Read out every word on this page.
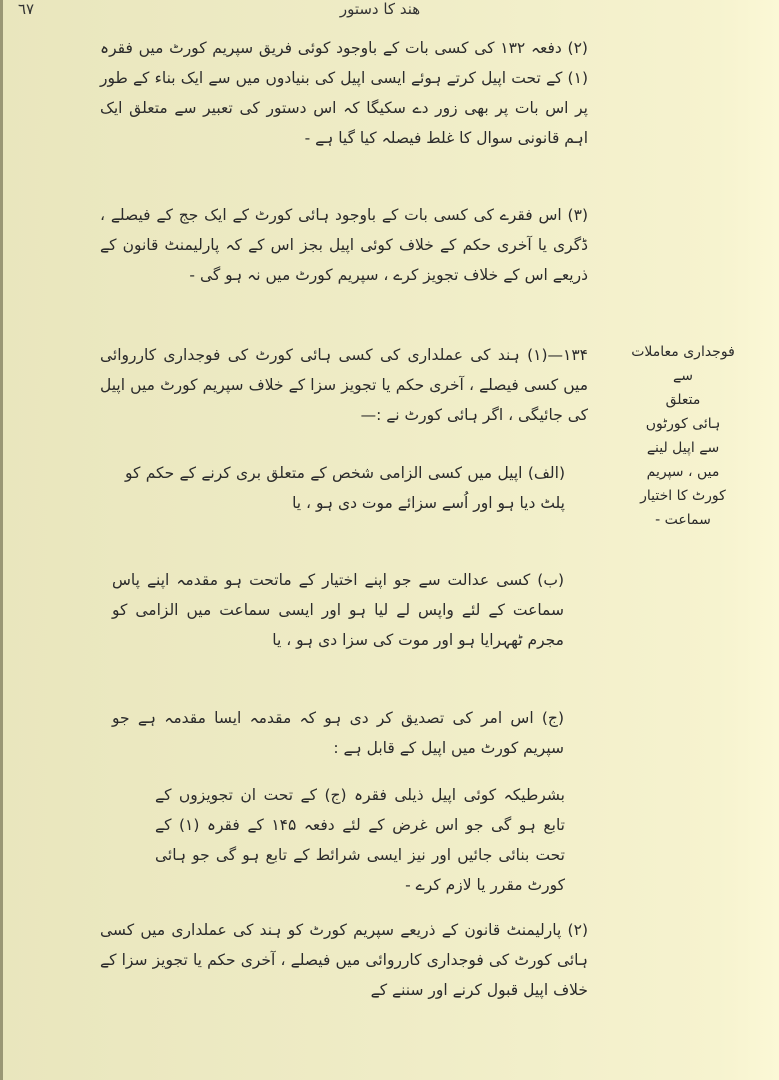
٦٧	هند کا دستور
(۲) دفعہ ۱۳۲ کی کسی بات کے باوجود کوئی فریق سپریم کورٹ میں فقرہ (۱) کے تحت اپیل کرتے ہوئے ایسی اپیل کی بنیادوں میں سے ایک بناء کے طور پر اس بات پر بھی زور دے سکیگا کہ اس دستور کی تعبیر سے متعلق ایک اہم قانونی سوال کا غلط فیصلہ کیا گیا ہے -
(۳) اس فقرے کی کسی بات کے باوجود ہائی کورٹ کے ایک جج کے فیصلے ، ڈگری یا آخری حکم کے خلاف کوئی اپیل بجز اس کے کہ پارلیمنٹ قانون کے ذریعے اس کے خلاف تجویز کرے ، سپریم کورٹ میں نہ ہو گی -
۱۳۴—(۱) ہند کی عملداری کی کسی ہائی کورٹ کی فوجداری کارروائی میں کسی فیصلے ، آخری حکم یا تجویز سزا کے خلاف سپریم کورٹ میں اپیل کی جائیگی ، اگر ہائی کورٹ نے :—
(الف) اپیل میں کسی الزامی شخص کے متعلق بری کرنے کے حکم کو پلٹ دیا ہو اور اُسے سزائے موت دی ہو ، یا
(ب) کسی عدالت سے جو اپنے اختیار کے ماتحت ہو مقدمہ اپنے پاس سماعت کے لئے واپس لے لیا ہو اور ایسی سماعت میں الزامی کو مجرم ٹھہرایا ہو اور موت کی سزا دی ہو ، یا
(ج) اس امر کی تصدیق کر دی ہو کہ مقدمہ ایسا مقدمہ ہے جو سپریم کورٹ میں اپیل کے قابل ہے :
بشرطیکہ کوئی اپیل ذیلی فقرہ (ج) کے تحت ان تجویزوں کے تابع ہو گی جو اس غرض کے لئے دفعہ ۱۴۵ کے فقرہ (۱) کے تحت بنائی جائیں اور نیز ایسی شرائط کے تابع ہو گی جو ہائی کورٹ مقرر یا لازم کرے -
(۲) پارلیمنٹ قانون کے ذریعے سپریم کورٹ کو ہند کی عملداری میں کسی ہائی کورٹ کی فوجداری کارروائی میں فیصلے ، آخری حکم یا تجویز سزا کے خلاف اپیل قبول کرنے اور سننے کے
فوجداری معاملات
سے
متعلق
ہائی کورٹوں
سے اپیل لینے
میں ، سپریم
کورٹ کا اختیار
سماعت -
